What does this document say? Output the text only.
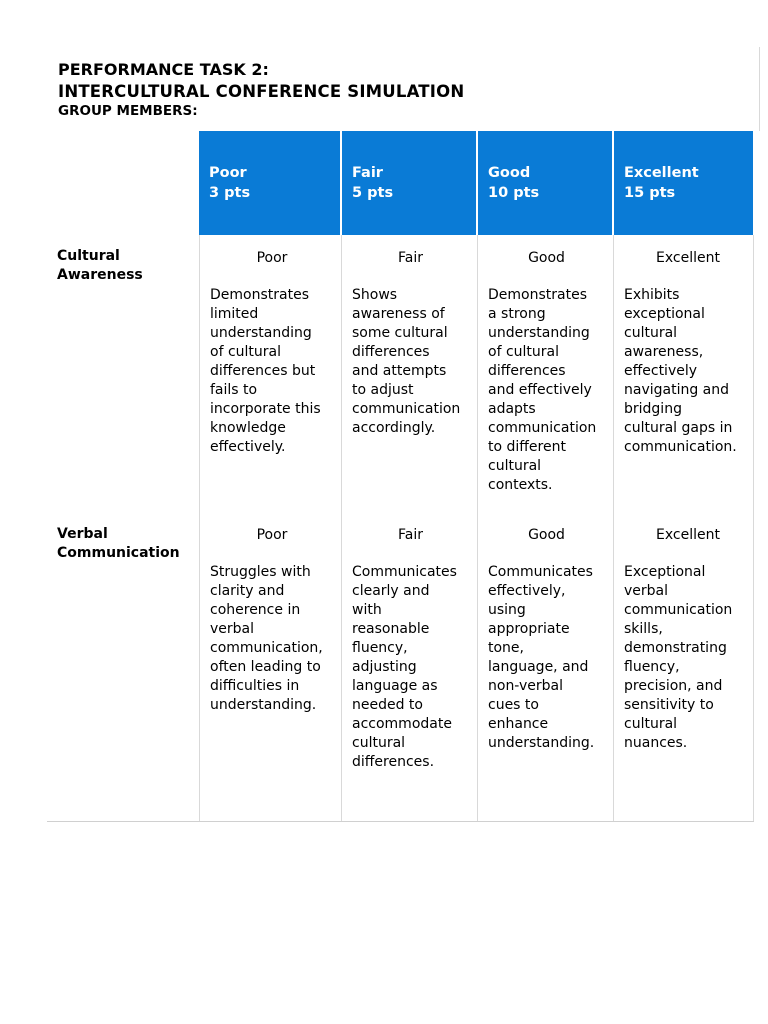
PERFORMANCE TASK 2:
INTERCULTURAL CONFERENCE SIMULATION
GROUP MEMBERS:
Poor
3 pts
Fair
5 pts
Good
10 pts
Excellent
15 pts
Cultural
Awareness
Poor
Demonstrates
limited
understanding
of cultural
differences but
fails to
incorporate this
knowledge
effectively.
Fair
Shows
awareness of
some cultural
differences
and attempts
to adjust
communication
accordingly.
Good
Demonstrates
a strong
understanding
of cultural
differences
and effectively
adapts
communication
to different
cultural
contexts.
Excellent
Exhibits
exceptional
cultural
awareness,
effectively
navigating and
bridging
cultural gaps in
communication.
Verbal
Communication
Poor
Struggles with
clarity and
coherence in
verbal
communication,
often leading to
difficulties in
understanding.
Fair
Communicates
clearly and
with
reasonable
fluency,
adjusting
language as
needed to
accommodate
cultural
differences.
Good
Communicates
effectively,
using
appropriate
tone,
language, and
non-verbal
cues to
enhance
understanding.
Excellent
Exceptional
verbal
communication
skills,
demonstrating
fluency,
precision, and
sensitivity to
cultural
nuances.
